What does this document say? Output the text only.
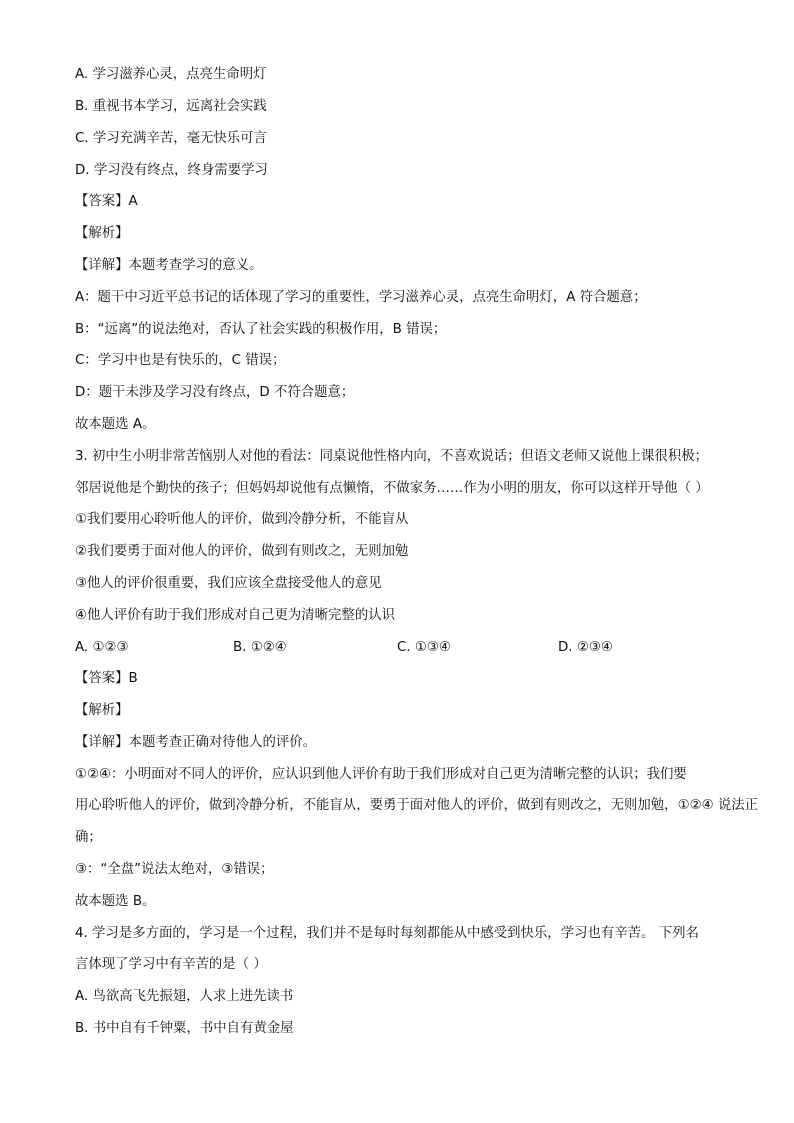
A. 学习滋养心灵，点亮生命明灯
B. 重视书本学习，远离社会实践
C. 学习充满辛苦，毫无快乐可言
D. 学习没有终点，终身需要学习
【答案】A
【解析】
【详解】本题考查学习的意义。
A：题干中习近平总书记的话体现了学习的重要性，学习滋养心灵，点亮生命明灯，A 符合题意；
B：“远离”的说法绝对，否认了社会实践的积极作用，B 错误；
C：学习中也是有快乐的，C 错误；
D：题干未涉及学习没有终点，D 不符合题意；
故本题选 A。
3. 初中生小明非常苦恼别人对他的看法：同桌说他性格内向，不喜欢说话；但语文老师又说他上课很积极；
邻居说他是个勤快的孩子；但妈妈却说他有点懒惰，不做家务……作为小明的朋友，你可以这样开导他（ ）
①我们要用心聆听他人的评价，做到冷静分析，不能盲从
②我们要勇于面对他人的评价，做到有则改之，无则加勉
③他人的评价很重要，我们应该全盘接受他人的意见
④他人评价有助于我们形成对自己更为清晰完整的认识
A. ①②③	B. ①②④	C. ①③④	D. ②③④
【答案】B
【解析】
【详解】本题考查正确对待他人的评价。
①②④：小明面对不同人的评价，应认识到他人评价有助于我们形成对自己更为清晰完整的认识；我们要
用心聆听他人的评价，做到冷静分析，不能盲从，要勇于面对他人的评价，做到有则改之，无则加勉，①②④ 说法正
确；
③：“全盘”说法太绝对，③错误；
故本题选 B。
4. 学习是多方面的，学习是一个过程，我们并不是每时每刻都能从中感受到快乐，学习也有辛苦。 下列名
言体现了学习中有辛苦的是（ ）
A. 鸟欲高飞先振翅，人求上进先读书
B. 书中自有千钟粟，书中自有黄金屋
